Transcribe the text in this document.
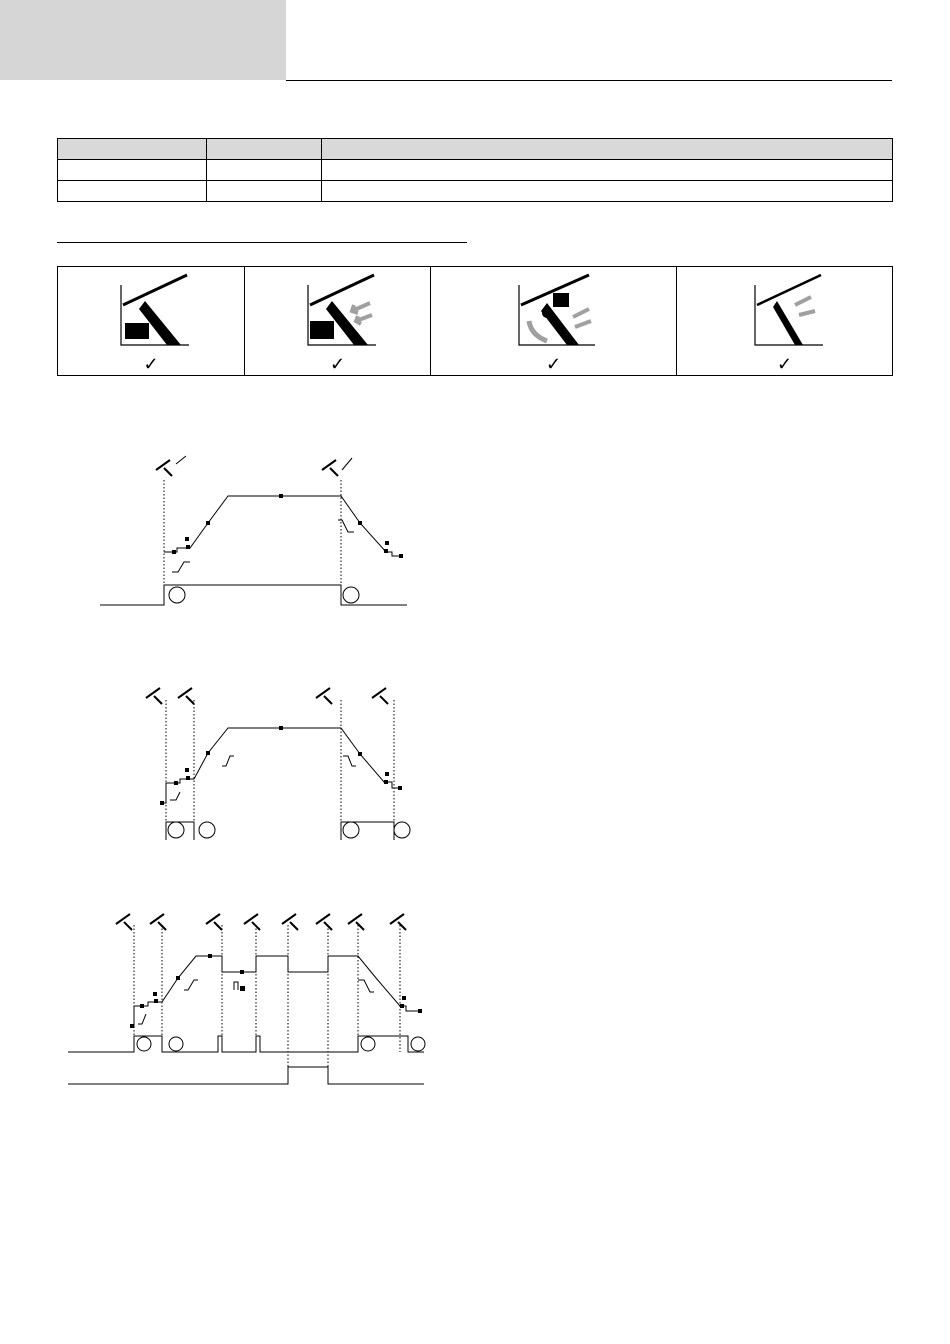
✓	✓	✓	✓
